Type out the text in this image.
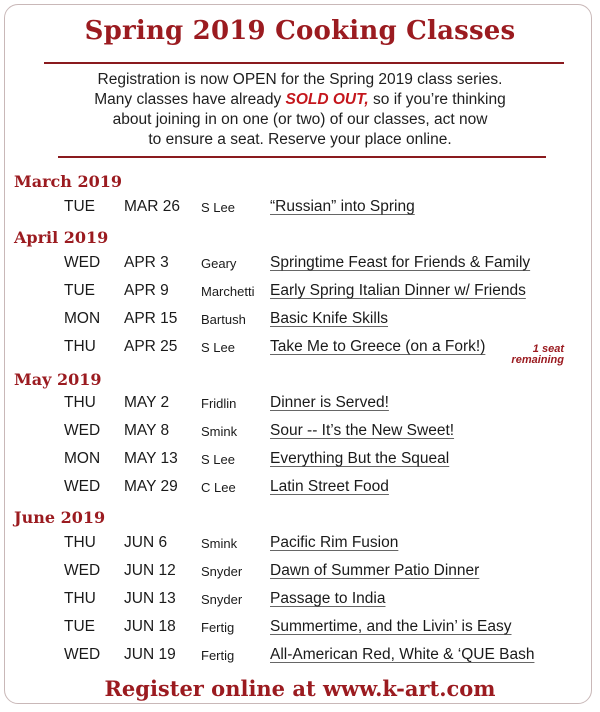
Spring 2019 Cooking Classes
Registration is now OPEN for the Spring 2019 class series.
Many classes have already SOLD OUT, so if you’re thinking
about joining in on one (or two) of our classes, act now
to ensure a seat. Reserve your place online.
March 2019
TUE MAR 26 S Lee “Russian” into Spring
April 2019
WED APR 3 Geary Springtime Feast for Friends & Family
TUE APR 9 Marchetti Early Spring Italian Dinner w/ Friends
MON APR 15 Bartush Basic Knife Skills
THU APR 25 S Lee Take Me to Greece (on a Fork!)	1 seat
remaining
May 2019
THU MAY 2 Fridlin Dinner is Served!
WED MAY 8 Smink Sour -- It’s the New Sweet!
MON MAY 13 S Lee Everything But the Squeal
WED MAY 29 C Lee Latin Street Food
June 2019
THU JUN 6	Smink Pacific Rim Fusion
WED JUN 12 Snyder Dawn of Summer Patio Dinner
THU JUN 13 Snyder Passage to India
TUE JUN 18 Fertig Summertime, and the Livin’ is Easy
WED JUN 19 Fertig All-American Red, White & ‘QUE Bash
Register online at www.k-art.com
